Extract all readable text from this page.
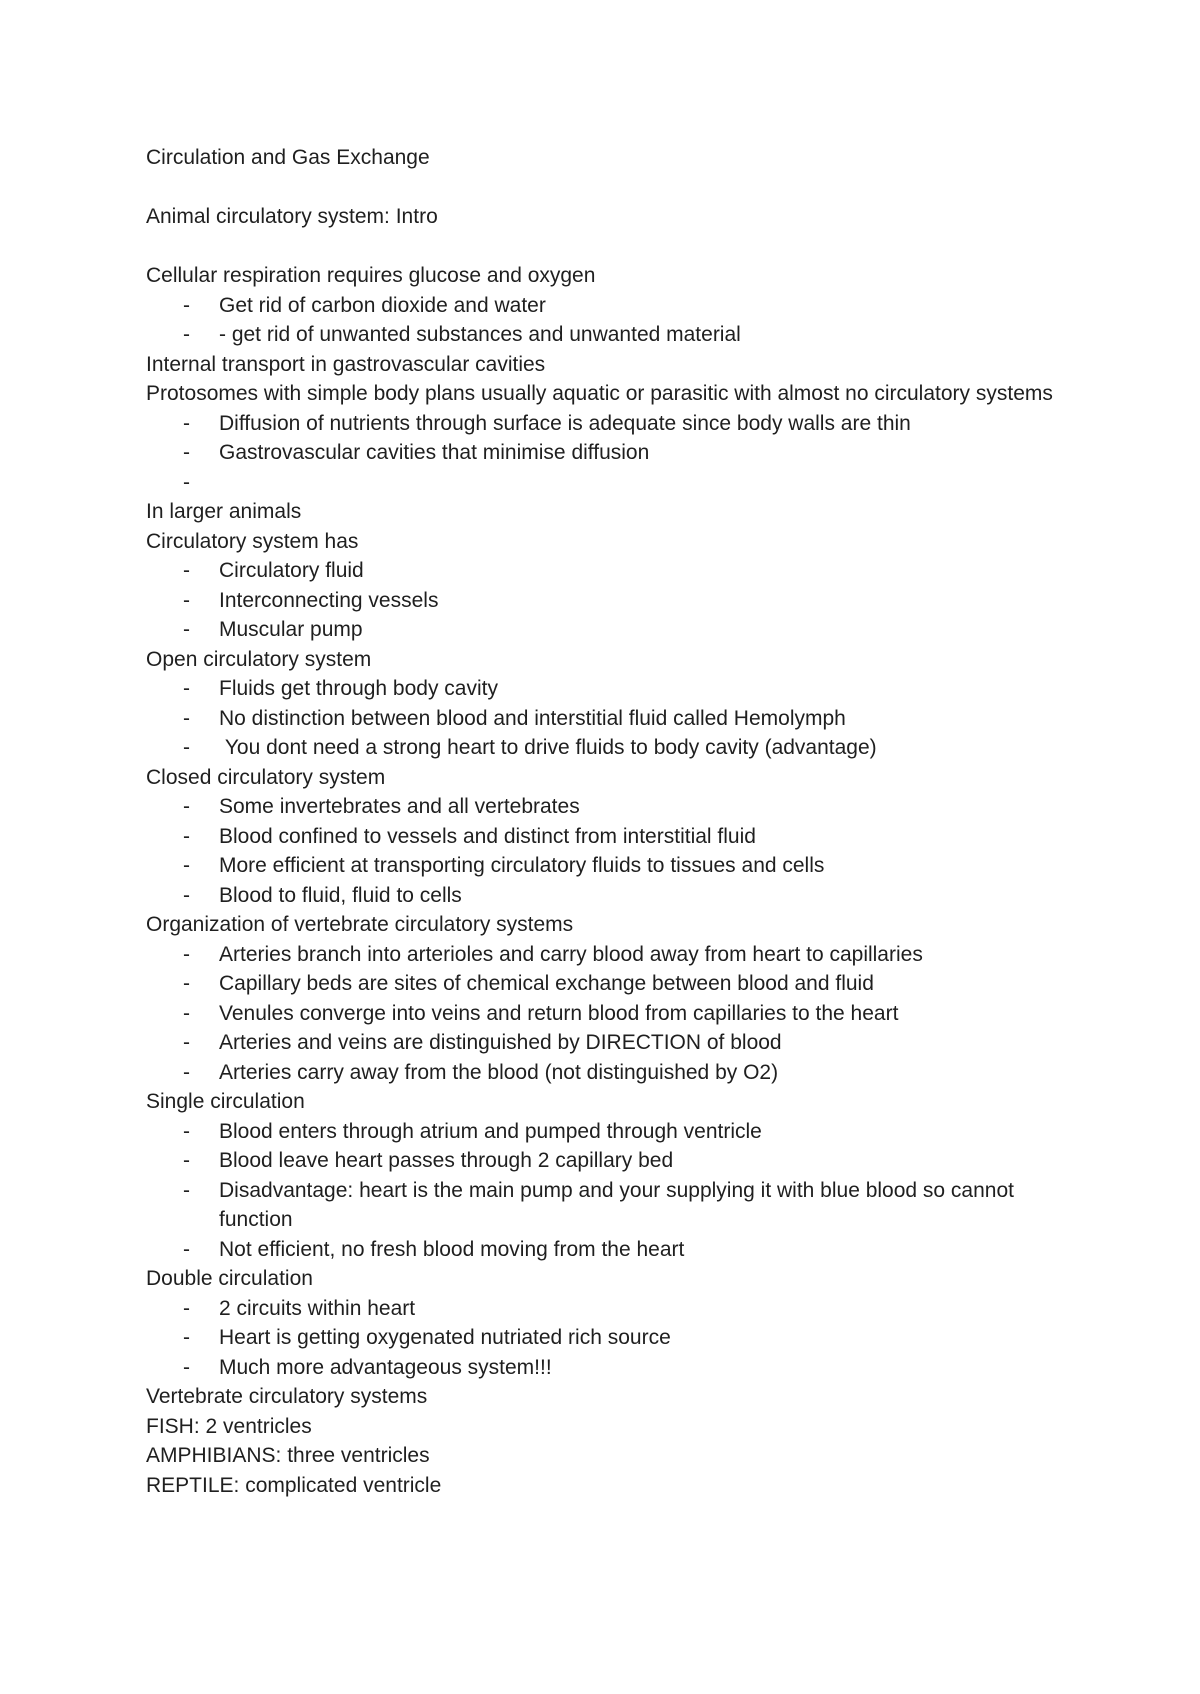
Circulation and Gas Exchange

Animal circulatory system: Intro

Cellular respiration requires glucose and oxygen

-	Get rid of carbon dioxide and water
-	- get rid of unwanted substances and unwanted material

Internal transport in gastrovascular cavities

Protosomes with simple body plans usually aquatic or parasitic with almost no circulatory systems

-	Diffusion of nutrients through surface is adequate since body walls are thin
-	Gastrovascular cavities that minimise diffusion
-

In larger animals

Circulatory system has

-	Circulatory fluid
-	Interconnecting vessels
-	Muscular pump

Open circulatory system

-	Fluids get through body cavity
-	No distinction between blood and interstitial fluid called Hemolymph
-	You dont need a strong heart to drive fluids to body cavity (advantage)

Closed circulatory system

-	Some invertebrates and all vertebrates
-	Blood confined to vessels and distinct from interstitial fluid
-	More efficient at transporting circulatory fluids to tissues and cells
-	Blood to fluid, fluid to cells

Organization of vertebrate circulatory systems

-	Arteries branch into arterioles and carry blood away from heart to capillaries
-	Capillary beds are sites of chemical exchange between blood and fluid
-	Venules converge into veins and return blood from capillaries to the heart
-	Arteries and veins are distinguished by DIRECTION of blood
-	Arteries carry away from the blood (not distinguished by O2)

Single circulation

-	Blood enters through atrium and pumped through ventricle
-	Blood leave heart passes through 2 capillary bed
-	Disadvantage: heart is the main pump and your supplying it with blue blood so cannot function
-	Not efficient, no fresh blood moving from the heart

Double circulation

-	2 circuits within heart
-	Heart is getting oxygenated nutriated rich source
-	Much more advantageous system!!!

Vertebrate circulatory systems

FISH: 2 ventricles

AMPHIBIANS: three ventricles

REPTILE: complicated ventricle
